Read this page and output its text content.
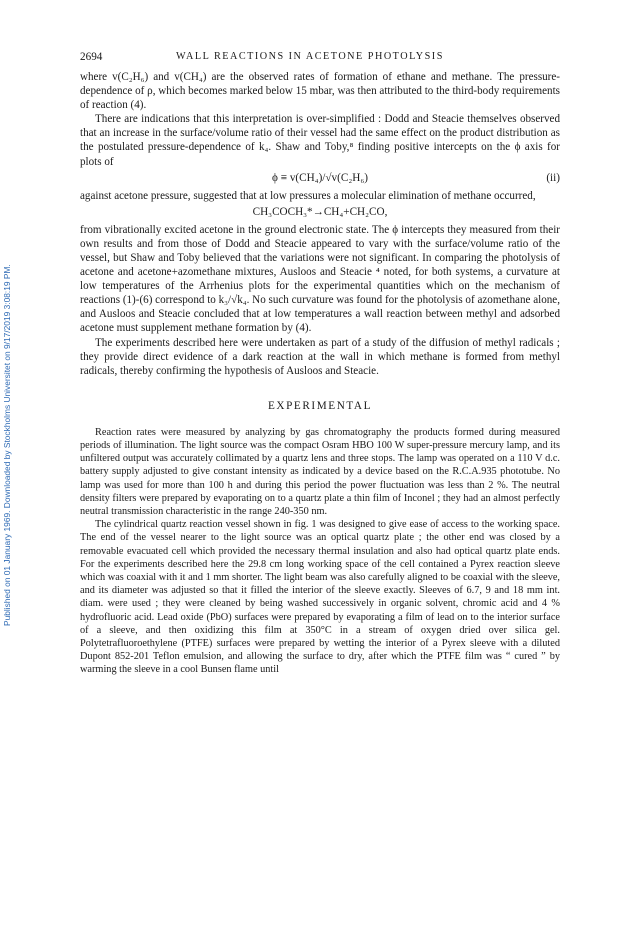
Published on 01 January 1969. Downloaded by Stockholms Universitet on 9/17/2019 3:08:19 PM.
2694	WALL REACTIONS IN ACETONE PHOTOLYSIS

where v(C₂H₆) and v(CH₄) are the observed rates of formation of ethane and methane. The pressure-dependence of ρ, which becomes marked below 15 mbar, was then attributed to the third-body requirements of reaction (4).

There are indications that this interpretation is over-simplified : Dodd and Steacie themselves observed that an increase in the surface/volume ratio of their vessel had the same effect on the product distribution as the postulated pressure-dependence of k₄. Shaw and Toby,⁸ finding positive intercepts on the ϕ axis for plots of

ϕ ≡ v(CH₄)/√v(C₂H₆)	(ii)

against acetone pressure, suggested that at low pressures a molecular elimination of methane occurred,

CH₃COCH₃*→CH₄+CH₂CO,

from vibrationally excited acetone in the ground electronic state. The ϕ intercepts they measured from their own results and from those of Dodd and Steacie appeared to vary with the surface/volume ratio of the vessel, but Shaw and Toby believed that the variations were not significant. In comparing the photolysis of acetone and acetone+azomethane mixtures, Ausloos and Steacie ⁴ noted, for both systems, a curvature at low temperatures of the Arrhenius plots for the experimental quantities which on the mechanism of reactions (1)-(6) correspond to k₃/√k₄. No such curvature was found for the photolysis of azomethane alone, and Ausloos and Steacie concluded that at low temperatures a wall reaction between methyl and adsorbed acetone must supplement methane formation by (4).

The experiments described here were undertaken as part of a study of the diffusion of methyl radicals ; they provide direct evidence of a dark reaction at the wall in which methane is formed from methyl radicals, thereby confirming the hypothesis of Ausloos and Steacie.

EXPERIMENTAL

Reaction rates were measured by analyzing by gas chromatography the products formed during measured periods of illumination. The light source was the compact Osram HBO 100 W super-pressure mercury lamp, and its unfiltered output was accurately collimated by a quartz lens and three stops. The lamp was operated on a 110 V d.c. battery supply adjusted to give constant intensity as indicated by a device based on the R.C.A.935 phototube. No lamp was used for more than 100 h and during this period the power fluctuation was less than 2 %. The neutral density filters were prepared by evaporating on to a quartz plate a thin film of Inconel ; they had an almost perfectly neutral transmission characteristic in the range 240-350 nm.

The cylindrical quartz reaction vessel shown in fig. 1 was designed to give ease of access to the working space. The end of the vessel nearer to the light source was an optical quartz plate ; the other end was closed by a removable evacuated cell which provided the necessary thermal insulation and also had optical quartz plate ends. For the experiments described here the 29.8 cm long working space of the cell contained a Pyrex reaction sleeve which was coaxial with it and 1 mm shorter. The light beam was also carefully aligned to be coaxial with the sleeve, and its diameter was adjusted so that it filled the interior of the sleeve exactly. Sleeves of 6.7, 9 and 18 mm int. diam. were used ; they were cleaned by being washed successively in organic solvent, chromic acid and 4 % hydrofluoric acid. Lead oxide (PbO) surfaces were prepared by evaporating a film of lead on to the interior surface of a sleeve, and then oxidizing this film at 350°C in a stream of oxygen dried over silica gel. Polytetrafluoroethylene (PTFE) surfaces were prepared by wetting the interior of a Pyrex sleeve with a diluted Dupont 852-201 Teflon emulsion, and allowing the surface to dry, after which the PTFE film was “ cured ” by warming the sleeve in a cool Bunsen flame until
